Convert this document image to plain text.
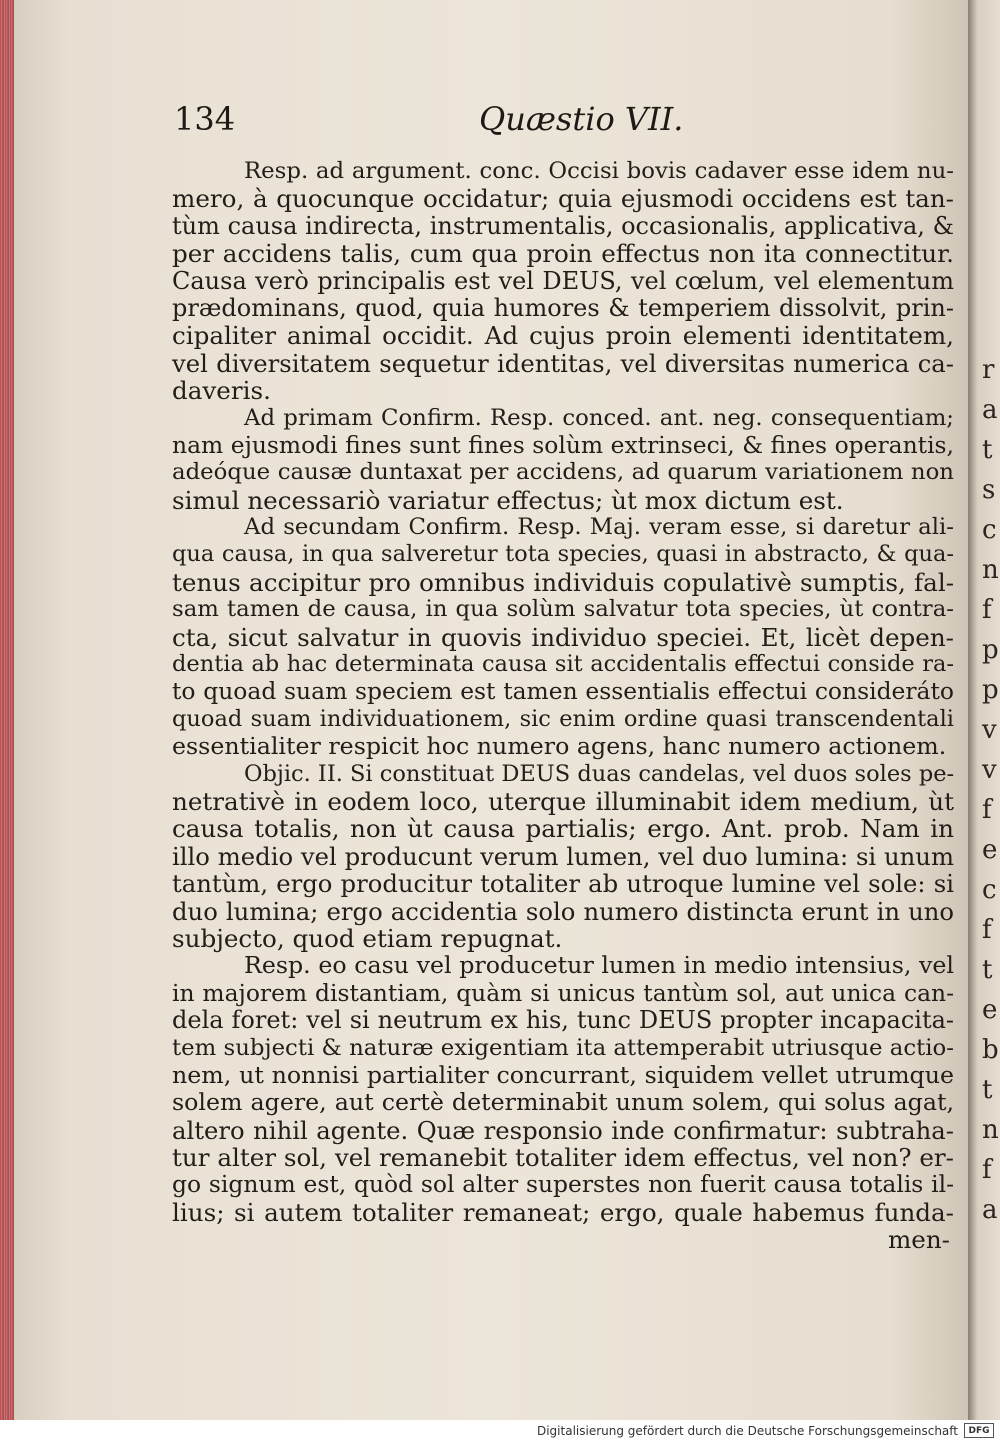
134	Quæstio VII.
Resp. ad argument. conc. Occisi bovis cadaver esse idem nu-
mero, à quocunque occidatur; quia ejusmodi occidens est tan-
tùm causa indirecta, instrumentalis, occasionalis, applicativa, &
per accidens talis, cum qua proin effectus non ita connectitur.
Causa verò principalis est vel DEUS, vel cœlum, vel elementum
prædominans, quod, quia humores & temperiem dissolvit, prin-
cipaliter animal occidit. Ad cujus proin elementi identitatem,
vel diversitatem sequetur identitas, vel diversitas numerica ca-
daveris.
Ad primam Confirm. Resp. conced. ant. neg. consequentiam;
nam ejusmodi fines sunt fines solùm extrinseci, & fines operantis,
adeóque causæ duntaxat per accidens, ad quarum variationem non
simul necessariò variatur effectus; ùt mox dictum est.
Ad secundam Confirm. Resp. Maj. veram esse, si daretur ali-
qua causa, in qua salveretur tota species, quasi in abstracto, & qua-
tenus accipitur pro omnibus individuis copulativè sumptis, fal-
sam tamen de causa, in qua solùm salvatur tota species, ùt contra-
cta, sicut salvatur in quovis individuo speciei. Et, licèt depen-
dentia ab hac determinata causa sit accidentalis effectui conside ra-
to quoad suam speciem est tamen essentialis effectui consideráto
quoad suam individuationem, sic enim ordine quasi transcendentali
essentialiter respicit hoc numero agens, hanc numero actionem.
Objic. II. Si constituat DEUS duas candelas, vel duos soles pe-
netrativè in eodem loco, uterque illuminabit idem medium, ùt
causa totalis, non ùt causa partialis; ergo. Ant. prob. Nam in
illo medio vel producunt verum lumen, vel duo lumina: si unum
tantùm, ergo producitur totaliter ab utroque lumine vel sole: si
duo lumina; ergo accidentia solo numero distincta erunt in uno
subjecto, quod etiam repugnat.
Resp. eo casu vel producetur lumen in medio intensius, vel
in majorem distantiam, quàm si unicus tantùm sol, aut unica can-
dela foret: vel si neutrum ex his, tunc DEUS propter incapacita-
tem subjecti & naturæ exigentiam ita attemperabit utriusque actio-
nem, ut nonnisi partialiter concurrant, siquidem vellet utrumque
solem agere, aut certè determinabit unum solem, qui solus agat,
altero nihil agente. Quæ responsio inde confirmatur: subtraha-
tur alter sol, vel remanebit totaliter idem effectus, vel non? er-
go signum est, quòd sol alter superstes non fuerit causa totalis il-
lius; si autem totaliter remaneat; ergo, quale habemus funda-
men-
r
a
t
s
c
n
f
p
p
v
v
f
e
c
f
t
e
b
t
n
f
a
Digitalisierung gefördert durch die Deutsche Forschungsgemeinschaft	DFG
